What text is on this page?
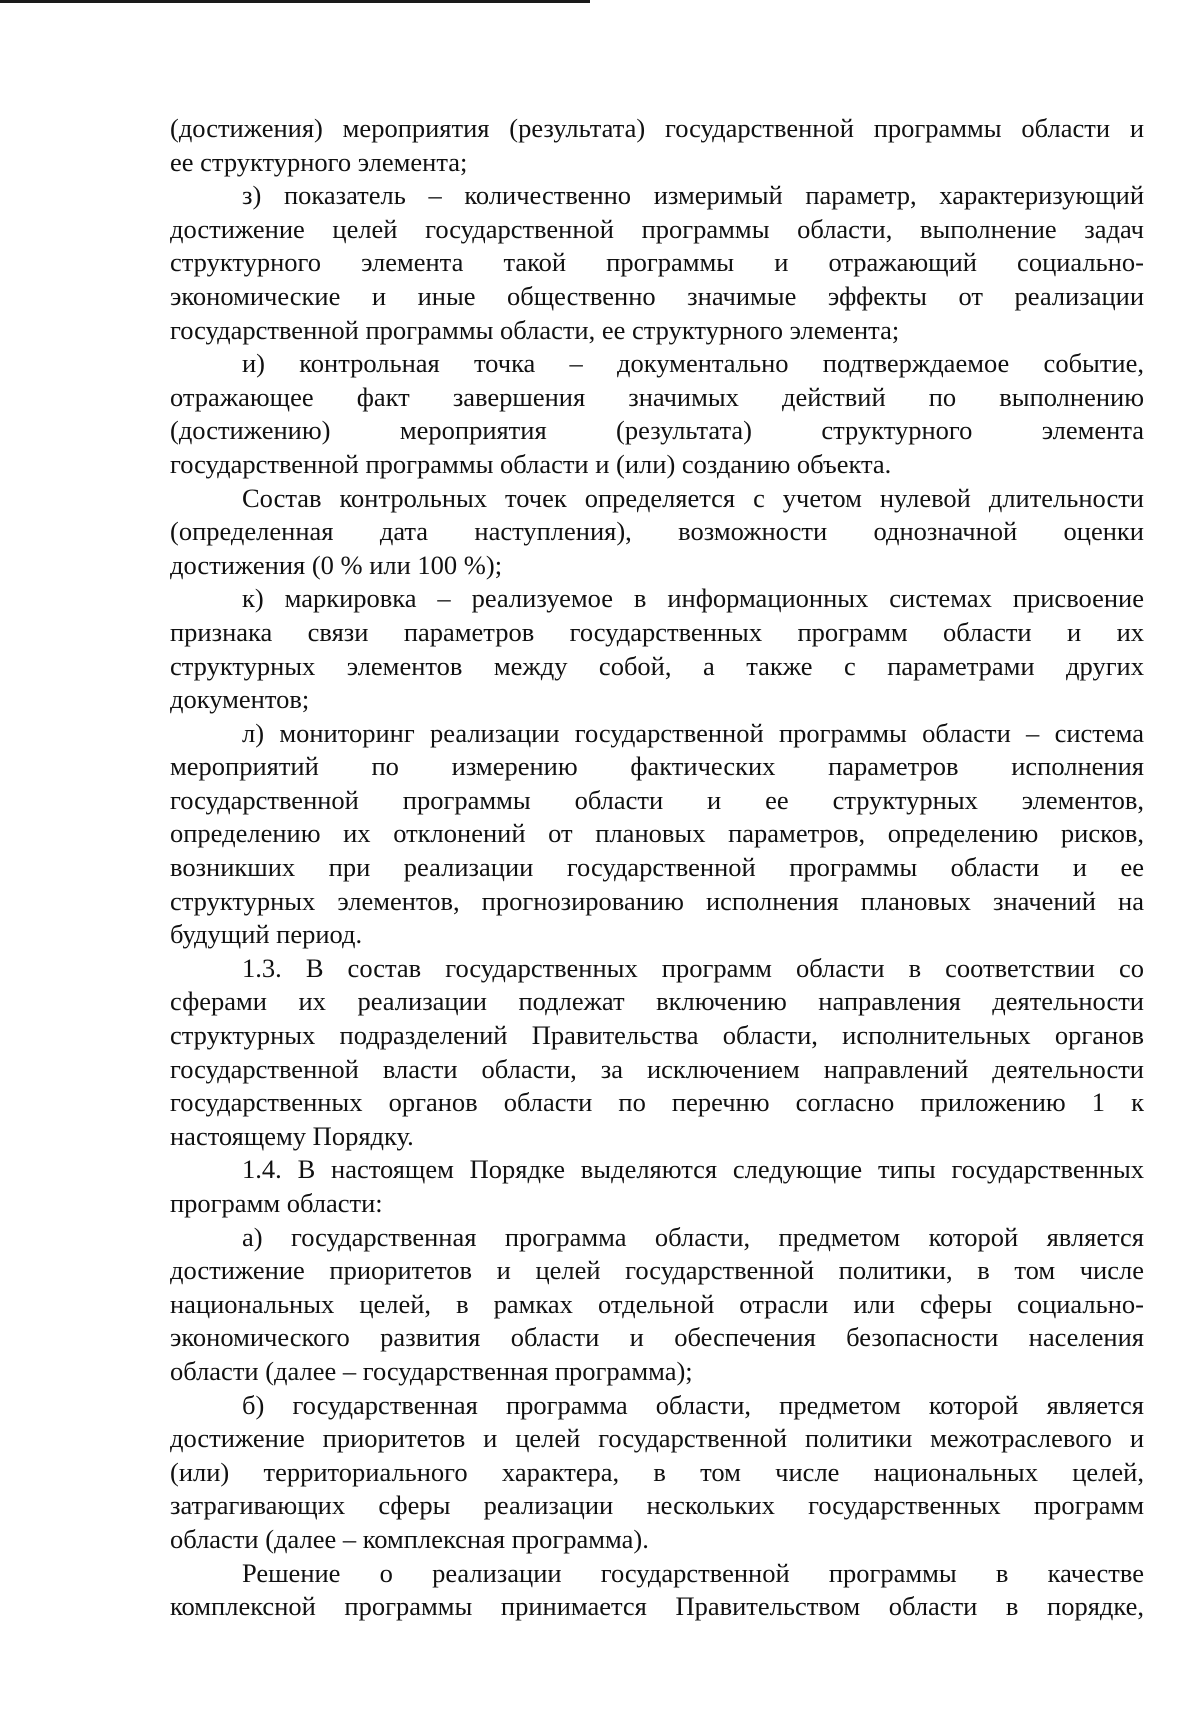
(достижения) мероприятия (результата) государственной программы области и
ее структурного элемента;
з) показатель – количественно измеримый параметр, характеризующий
достижение целей государственной программы области, выполнение задач
структурного элемента такой программы и отражающий социально-
экономические и иные общественно значимые эффекты от реализации
государственной программы области, ее структурного элемента;
и) контрольная точка – документально подтверждаемое событие,
отражающее факт завершения значимых действий по выполнению
(достижению) мероприятия (результата) структурного элемента
государственной программы области и (или) созданию объекта.
Состав контрольных точек определяется с учетом нулевой длительности
(определенная дата наступления), возможности однозначной оценки
достижения (0 % или 100 %);
к) маркировка – реализуемое в информационных системах присвоение
признака связи параметров государственных программ области и их
структурных элементов между собой, а также с параметрами других
документов;
л) мониторинг реализации государственной программы области – система
мероприятий по измерению фактических параметров исполнения
государственной программы области и ее структурных элементов,
определению их отклонений от плановых параметров, определению рисков,
возникших при реализации государственной программы области и ее
структурных элементов, прогнозированию исполнения плановых значений на
будущий период.
1.3. В состав государственных программ области в соответствии со
сферами их реализации подлежат включению направления деятельности
структурных подразделений Правительства области, исполнительных органов
государственной власти области, за исключением направлений деятельности
государственных органов области по перечню согласно приложению 1 к
настоящему Порядку.
1.4. В настоящем Порядке выделяются следующие типы государственных
программ области:
а) государственная программа области, предметом которой является
достижение приоритетов и целей государственной политики, в том числе
национальных целей, в рамках отдельной отрасли или сферы социально-
экономического развития области и обеспечения безопасности населения
области (далее – государственная программа);
б) государственная программа области, предметом которой является
достижение приоритетов и целей государственной политики межотраслевого и
(или) территориального характера, в том числе национальных целей,
затрагивающих сферы реализации нескольких государственных программ
области (далее – комплексная программа).
Решение о реализации государственной программы в качестве
комплексной программы принимается Правительством области в порядке,
